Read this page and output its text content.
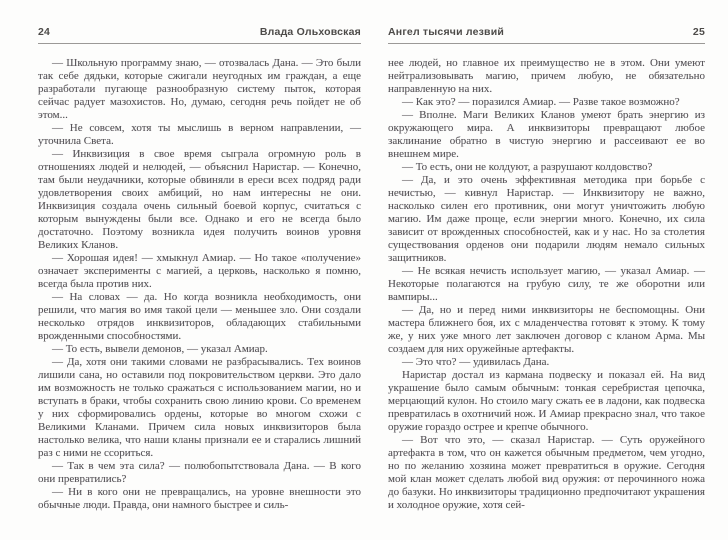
24	Влада Ольховская

— Школьную программу знаю, — отозвалась Дана. — Это были так себе дядьки, которые сжигали неугодных им граждан, а еще разработали пугающе разнообразную систему пыток, которая сейчас радует мазохистов. Но, думаю, сегодня речь пойдет не об этом...

— Не совсем, хотя ты мыслишь в верном направлении, — уточнила Света.

— Инквизиция в свое время сыграла огромную роль в отношениях людей и нелюдей, — объяснил Наристар. — Конечно, там были неудачники, которые обвиняли в ереси всех подряд ради удовлетворения своих амбиций, но нам интересны не они. Инквизиция создала очень сильный боевой корпус, считаться с которым вынуждены были все. Однако и его не всегда было достаточно. Поэтому возникла идея получить воинов уровня Великих Кланов.

— Хорошая идея! — хмыкнул Амиар. — Но такое «получение» означает эксперименты с магией, а церковь, насколько я помню, всегда была против них.

— На словах — да. Но когда возникла необходимость, они решили, что магия во имя такой цели — меньшее зло. Они создали несколько отрядов инквизиторов, обладающих стабильными врожденными способностями.

— То есть, вывели демонов, — указал Амиар.

— Да, хотя они такими словами не разбрасывались. Тех воинов лишили сана, но оставили под покровительством церкви. Это дало им возможность не только сражаться с использованием магии, но и вступать в браки, чтобы сохранить свою линию крови. Со временем у них сформировались ордены, которые во многом схожи с Великими Кланами. Причем сила новых инквизиторов была настолько велика, что наши кланы признали ее и старались лишний раз с ними не ссориться.

— Так в чем эта сила? — полюбопытствовала Дана. — В кого они превратились?

— Ни в кого они не превращались, на уровне внешности это обычные люди. Правда, они намного быстрее и силь-

Ангел тысячи лезвий	25

нее людей, но главное их преимущество не в этом. Они умеют нейтрализовывать магию, причем любую, не обязательно направленную на них.

— Как это? — поразился Амиар. — Разве такое возможно?

— Вполне. Маги Великих Кланов умеют брать энергию из окружающего мира. А инквизиторы превращают любое заклинание обратно в чистую энергию и рассеивают ее во внешнем мире.

— То есть, они не колдуют, а разрушают колдовство?

— Да, и это очень эффективная методика при борьбе с нечистью, — кивнул Наристар. — Инквизитору не важно, насколько силен его противник, они могут уничтожить любую магию. Им даже проще, если энергии много. Конечно, их сила зависит от врожденных способностей, как и у нас. Но за столетия существования орденов они подарили людям немало сильных защитников.

— Не всякая нечисть использует магию, — указал Амиар. — Некоторые полагаются на грубую силу, те же оборотни или вампиры...

— Да, но и перед ними инквизиторы не беспомощны. Они мастера ближнего боя, их с младенчества готовят к этому. К тому же, у них уже много лет заключен договор с кланом Арма. Мы создаем для них оружейные артефакты.

— Это что? — удивилась Дана.

Наристар достал из кармана подвеску и показал ей. На вид украшение было самым обычным: тонкая серебристая цепочка, мерцающий кулон. Но стоило магу сжать ее в ладони, как подвеска превратилась в охотничий нож. И Амиар прекрасно знал, что такое оружие гораздо острее и крепче обычного.

— Вот что это, — сказал Наристар. — Суть оружейного артефакта в том, что он кажется обычным предметом, чем угодно, но по желанию хозяина может превратиться в оружие. Сегодня мой клан может сделать любой вид оружия: от перочинного ножа до базуки. Но инквизиторы традиционно предпочитают украшения и холодное оружие, хотя сей-
